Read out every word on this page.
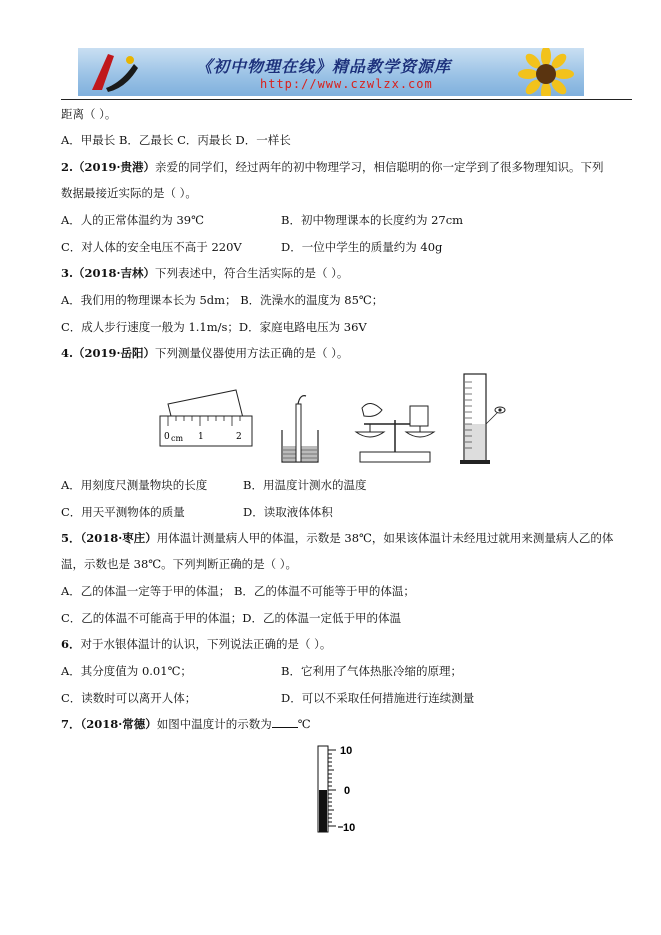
《初中物理在线》精品教学资源库
http://www.czwlzx.com
距离（ ）。
A．甲最长 B．乙最长 C．丙最长 D．一样长
2.（2019·贵港）亲爱的同学们，经过两年的初中物理学习，相信聪明的你一定学到了很多物理知识。下列
数据最接近实际的是（ ）。
A．人的正常体温约为 39℃	B．初中物理课本的长度约为 27cm
C．对人体的安全电压不高于 220V	D．一位中学生的质量约为 40g
3.（2018·吉林）下列表述中，符合生活实际的是（ ）。
A．我们用的物理课本长为 5dm； B．洗澡水的温度为 85℃；
C．成人步行速度一般为 1.1m/s；D．家庭电路电压为 36V
4.（2019·岳阳）下列测量仪器使用方法正确的是（ ）。
0 cm 1	2
A．用刻度尺测量物块的长度	B．用温度计测水的温度
C．用天平测物体的质量	D．读取液体体积
5．（2018·枣庄）用体温计测量病人甲的体温，示数是 38℃，如果该体温计未经甩过就用来测量病人乙的体
温，示数也是 38℃。下列判断正确的是（ ）。
A．乙的体温一定等于甲的体温； B．乙的体温不可能等于甲的体温；
C．乙的体温不可能高于甲的体温；D．乙的体温一定低于甲的体温
6．对于水银体温计的认识，下列说法正确的是（ ）。
A．其分度值为 0.01℃；	B．它利用了气体热胀冷缩的原理；
C．读数时可以离开人体；	D．可以不采取任何措施进行连续测量
7．（2018·常德）如图中温度计的示数为 ℃
10
0
10
